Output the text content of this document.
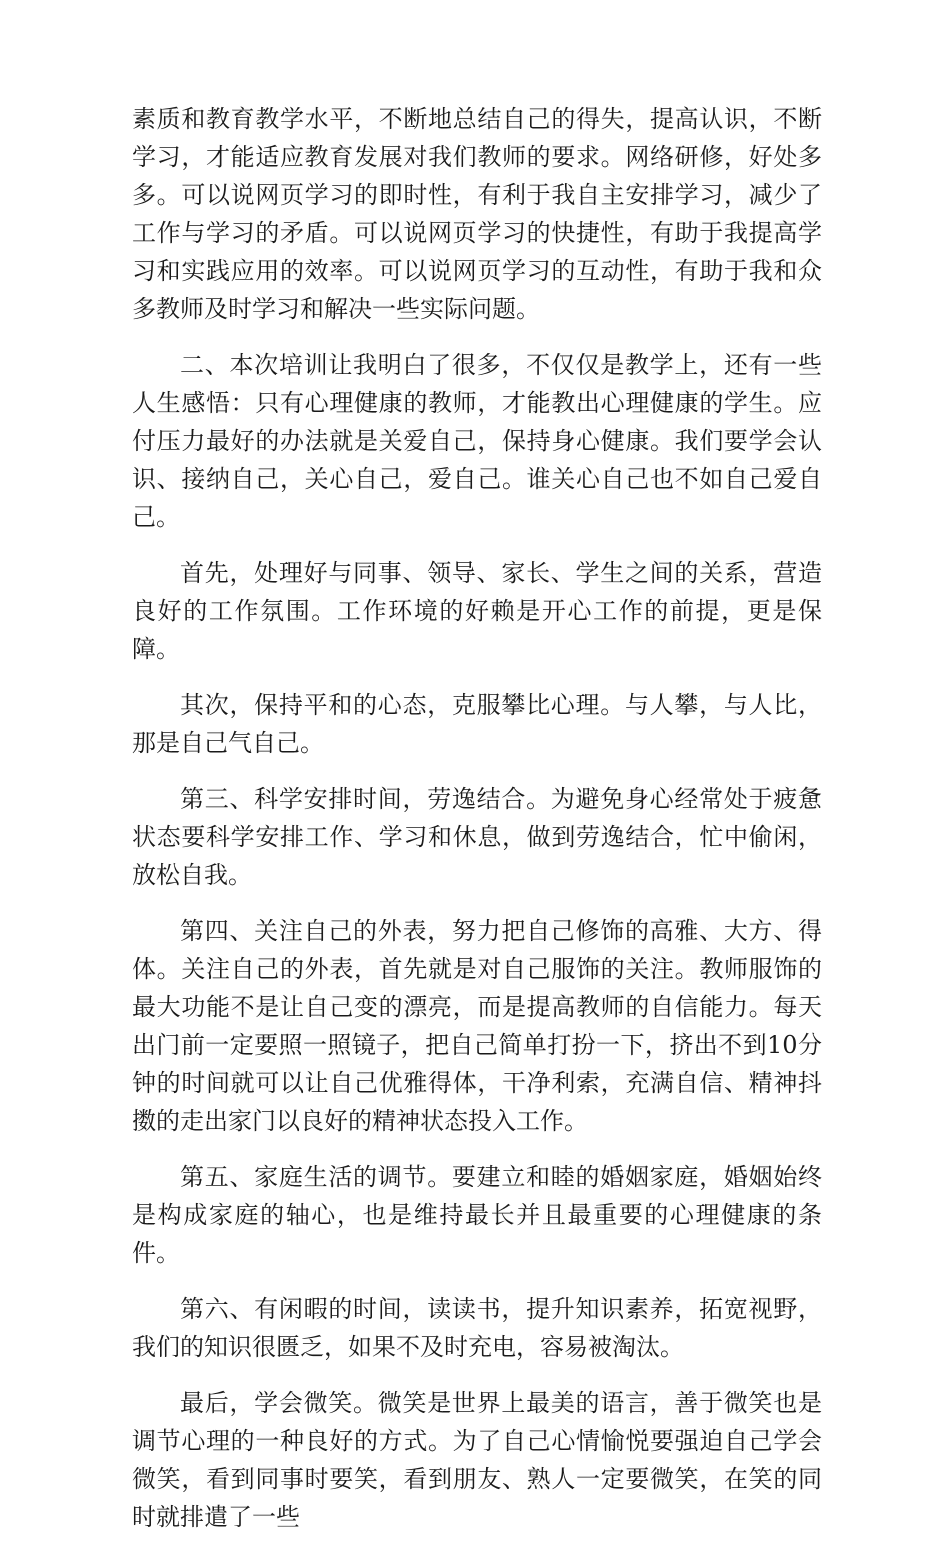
素质和教育教学水平，不断地总结自己的得失，提高认识，不断学习，才能适应教育发展对我们教师的要求。网络研修，好处多多。可以说网页学习的即时性，有利于我自主安排学习，减少了工作与学习的矛盾。可以说网页学习的快捷性，有助于我提高学习和实践应用的效率。可以说网页学习的互动性，有助于我和众多教师及时学习和解决一些实际问题。

二、本次培训让我明白了很多，不仅仅是教学上，还有一些人生感悟：只有心理健康的教师，才能教出心理健康的学生。应付压力最好的办法就是关爱自己，保持身心健康。我们要学会认识、接纳自己，关心自己，爱自己。谁关心自己也不如自己爱自己。

首先，处理好与同事、领导、家长、学生之间的关系，营造良好的工作氛围。工作环境的好赖是开心工作的前提，更是保障。

其次，保持平和的心态，克服攀比心理。与人攀，与人比，那是自己气自己。

第三、科学安排时间，劳逸结合。为避免身心经常处于疲惫状态要科学安排工作、学习和休息，做到劳逸结合，忙中偷闲，放松自我。

第四、关注自己的外表，努力把自己修饰的高雅、大方、得体。关注自己的外表，首先就是对自己服饰的关注。教师服饰的最大功能不是让自己变的漂亮，而是提高教师的自信能力。每天出门前一定要照一照镜子，把自己简单打扮一下，挤出不到10分钟的时间就可以让自己优雅得体，干净利索，充满自信、精神抖擞的走出家门以良好的精神状态投入工作。

第五、家庭生活的调节。要建立和睦的婚姻家庭，婚姻始终是构成家庭的轴心，也是维持最长并且最重要的心理健康的条件。

第六、有闲暇的时间，读读书，提升知识素养，拓宽视野，我们的知识很匮乏，如果不及时充电，容易被淘汰。

最后，学会微笑。微笑是世界上最美的语言，善于微笑也是调节心理的一种良好的方式。为了自己心情愉悦要强迫自己学会微笑，看到同事时要笑，看到朋友、熟人一定要微笑，在笑的同时就排遣了一些
